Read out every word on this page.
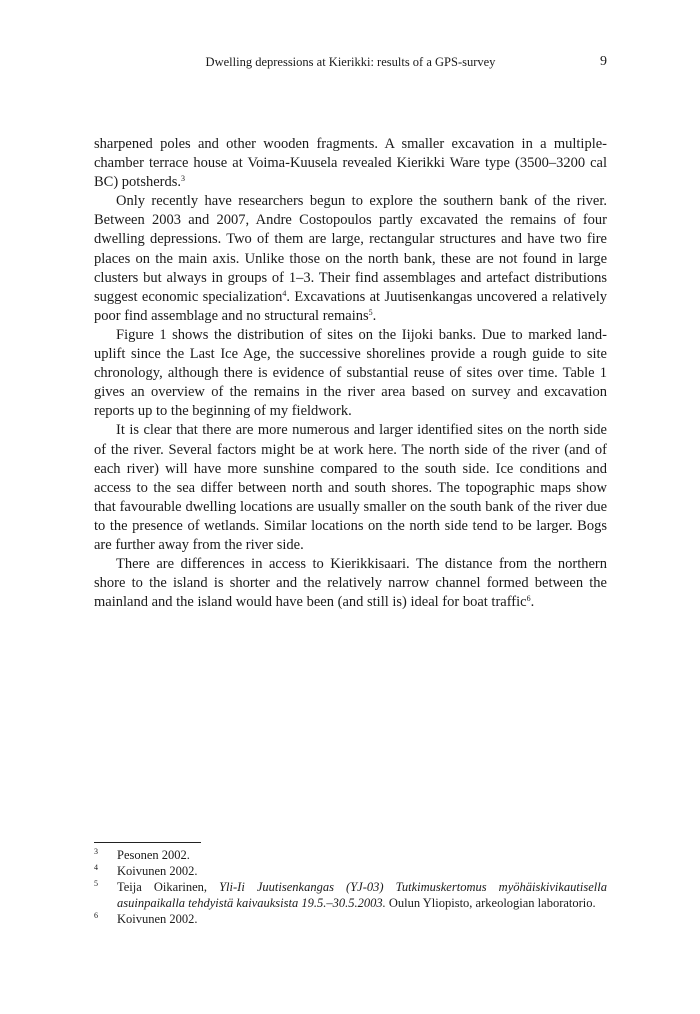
Dwelling depressions at Kierikki: results of a GPS-survey	9

sharpened poles and other wooden fragments. A smaller excavation in a multiple-chamber terrace house at Voima-Kuusela revealed Kierikki Ware type (3500–3200 cal BC) potsherds.$^3$

Only recently have researchers begun to explore the southern bank of the river. Between 2003 and 2007, Andre Costopoulos partly excavated the remains of four dwelling depressions. Two of them are large, rectangular structures and have two fire places on the main axis. Unlike those on the north bank, these are not found in large clusters but always in groups of 1–3. Their find assemblages and artefact distributions suggest economic specialization$^4$. Excavations at Juutisenkangas uncovered a relatively poor find assemblage and no structural remains$^5$.

Figure 1 shows the distribution of sites on the Iijoki banks. Due to marked land-uplift since the Last Ice Age, the successive shorelines provide a rough guide to site chronology, although there is evidence of substantial reuse of sites over time. Table 1 gives an overview of the remains in the river area based on survey and excavation reports up to the beginning of my fieldwork.

It is clear that there are more numerous and larger identified sites on the north side of the river. Several factors might be at work here. The north side of the river (and of each river) will have more sunshine compared to the south side. Ice conditions and access to the sea differ between north and south shores. The topographic maps show that favourable dwelling locations are usually smaller on the south bank of the river due to the presence of wetlands. Similar locations on the north side tend to be larger. Bogs are further away from the river side.

There are differences in access to Kierikkisaari. The distance from the northern shore to the island is shorter and the relatively narrow channel formed between the mainland and the island would have been (and still is) ideal for boat traffic$^6$.

3 Pesonen 2002.
4 Koivunen 2002.
5 Teija Oikarinen, Yli-Ii Juutisenkangas (YJ-03) Tutkimuskertomus myöhäiskivikautisella asuinpaikalla tehdyistä kaivauksista 19.5.–30.5.2003. Oulun Yliopisto, arkeologian laboratorio.
6 Koivunen 2002.
